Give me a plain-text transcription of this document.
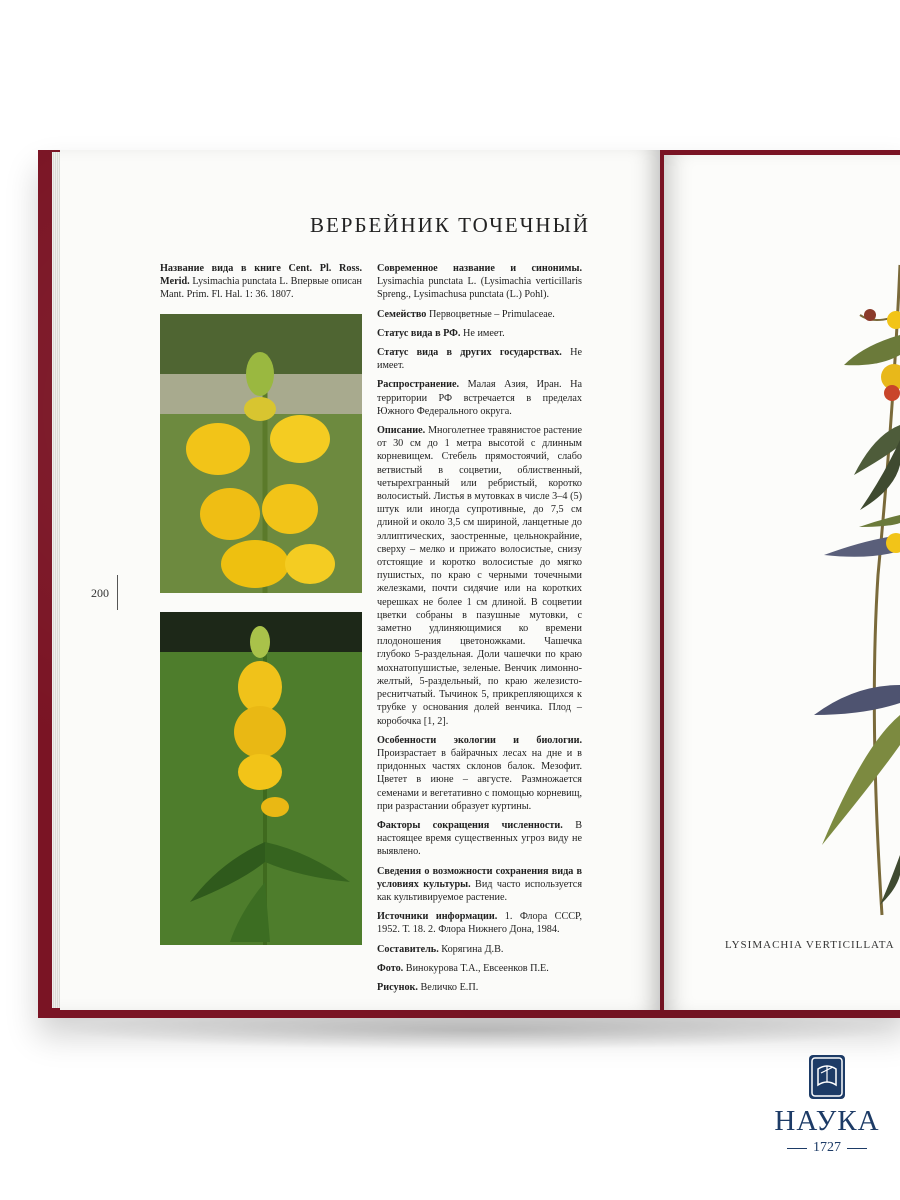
ВЕРБЕЙНИК ТОЧЕЧНЫЙ

Название вида в книге Cent. Pl. Ross. Merid. Lysimachia punctata L. Впервые описан Mant. Prim. Fl. Hal. 1: 36. 1807.

200

Современное название и синонимы. Lysimachia punctata L. (Lysimachia verticillaris Spreng., Lysimachusa punctata (L.) Pohl).

Семейство Первоцветные – Primulaceae.

Статус вида в РФ. Не имеет.

Статус вида в других государствах. Не имеет.

Распространение. Малая Азия, Иран. На территории РФ встречается в пределах Южного Федерального округа.

Описание. Многолетнее травянистое растение от 30 см до 1 метра высотой с длинным корневищем. Стебель прямостоячий, слабо ветвистый в соцветии, облиственный, четырехгранный или ребристый, коротко волосистый. Листья в мутовках в числе 3–4 (5) штук или иногда супротивные, до 7,5 см длиной и около 3,5 см шириной, ланцетные до эллиптических, заостренные, цельнокрайние, сверху – мелко и прижато волосистые, снизу отстоящие и коротко волосистые до мягко пушистых, по краю с черными точечными железками, почти сидячие или на коротких черешках не более 1 см длиной. В соцветии цветки собраны в пазушные мутовки, с заметно удлиняющимися ко времени плодоношения цветоножками. Чашечка глубоко 5-раздельная. Доли чашечки по краю мохнатопушистые, зеленые. Венчик лимонно-желтый, 5-раздельный, по краю железисто-реснитчатый. Тычинок 5, прикрепляющихся к трубке у основания долей венчика. Плод – коробочка [1, 2].

Особенности экологии и биологии. Произрастает в байрачных лесах на дне и в придонных частях склонов балок. Мезофит. Цветет в июне – августе. Размножается семенами и вегетативно с помощью корневищ, при разрастании образует куртины.

Факторы сокращения численности. В настоящее время существенных угроз виду не выявлено.

Сведения о возможности сохранения вида в условиях культуры. Вид часто используется как культивируемое растение.

Источники информации. 1. Флора СССР, 1952. Т. 18. 2. Флора Нижнего Дона, 1984.

Составитель. Корягина Д.В.

Фото. Винокурова Т.А., Евсеенков П.Е.

Рисунок. Величко Е.П.

LYSIMACHIA VERTICILLATA
НАУКА
1727
